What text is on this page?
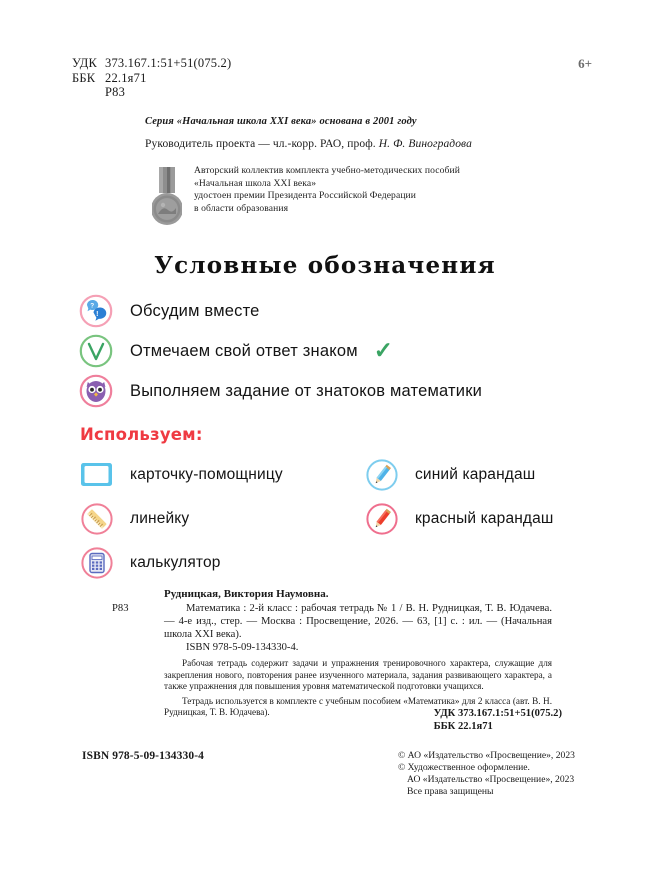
УДК 373.167.1:51+51(075.2)
ББК 22.1я71
Р83
6+
Серия «Начальная школа XXI века» основана в 2001 году
Руководитель проекта — чл.-корр. РАО, проф. Н. Ф. Виноградова
Авторский коллектив комплекта учебно-методических пособий
«Начальная школа XXI века»
удостоен премии Президента Российской Федерации
в области образования
Условные обозначения
?
! Обсудим вместе
Отмечаем свой ответ знаком ✓
Выполняем задание от знатоков математики
Используем:
карточку-помощницу	синий карандаш
линейку	красный карандаш
калькулятор
Рудницкая, Виктория Наумовна.
Р83	Математика : 2-й класс : рабочая тетрадь № 1 / В. Н. Рудницкая, Т. В. Юдачева. — 4-е изд., стер. — Москва : Просвещение, 2026. — 63, [1] с. : ил. — (Начальная школа XXI века).
ISBN 978-5-09-134330-4.
Рабочая тетрадь содержит задачи и упражнения тренировочного характера, служащие для закрепления нового, повторения ранее изученного материала, задания развивающего характера, а также упражнения для повышения уровня математической подготовки учащихся.
Тетрадь используется в комплекте с учебным пособием «Математика» для 2 класса (авт. В. Н. Рудницкая, Т. В. Юдачева).	УДК 373.167.1:51+51(075.2)
ББК 22.1я71
ISBN 978-5-09-134330-4	© АО «Издательство «Просвещение», 2023
© Художественное оформление.
АО «Издательство «Просвещение», 2023
Все права защищены
